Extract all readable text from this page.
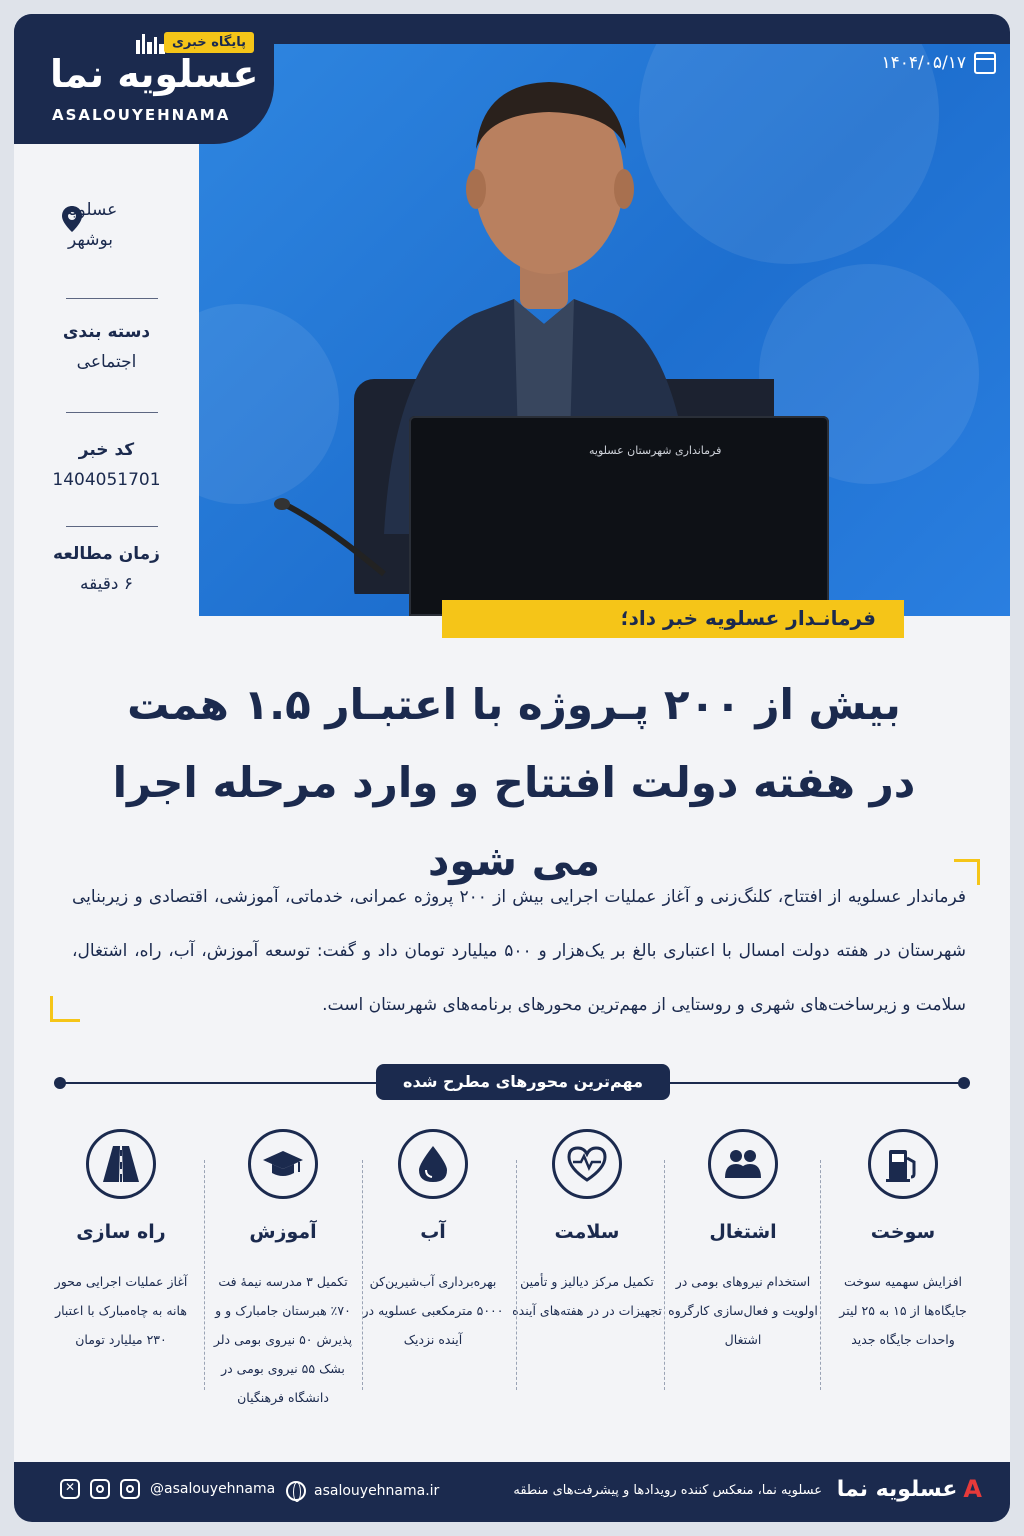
فرمانداری شهرستان عسلویه
پایگاه خبری
عسلویه نما
ASALOUYEHNAMA
۱۴۰۴/۰۵/۱۷
عسلویه
بوشهر
دسته بندی
اجتماعی
کد خبر
1404051701
زمان مطالعه
۶ دقیقه
فرمانـدار عسلویه خبر داد؛
بیش از ۲۰۰ پـروژه با اعتبـار ۱.۵ همت
در هفته دولت افتتاح و وارد مرحله اجرا می شود
فرماندار عسلویه از افتتاح، کلنگ‌زنی و آغاز عملیات اجرایی بیش از ۲۰۰ پروژه عمرانی، خدماتی، آموزشی، اقتصادی و زیربنایی شهرستان در هفته دولت امسال با اعتباری بالغ بر یک‌هزار و ۵۰۰ میلیارد تومان داد و گفت: توسعه آموزش، آب، راه، اشتغال، سلامت و زیرساخت‌های شهری و روستایی از مهم‌ترین محورهای برنامه‌های شهرستان است.
مهم‌ترین محورهای مطرح شده
سوخت
افزایش سهمیه سوخت جایگاه‌ها از ۱۵ به ۲۵ لیتر واحدات جایگاه جدید
اشتغال
استخدام نیروهای بومی در اولویت و فعال‌سازی کارگروه اشتغال
سلامت
تکمیل مرکز دیالیز و تأمین تجهیزات در در هفته‌های آینده
آب
بهره‌برداری آب‌شیرین‌کن ۵۰۰۰ مترمکعبی عسلویه در آینده نزدیک
آموزش
تکمیل ۳ مدرسه نیمۀ فت ۷۰٪ هبرستان جامبارک و و پذیرش ۵۰ نیروی بومی دلر بشک ۵۵ نیروی بومی در دانشگاه فرهنگیان
راه سازی
آغاز عملیات اجرایی محور هانه به چاه‌مبارک با اعتبار ۲۳۰ میلیارد تومان
A
عسلویه نما
عسلویه نما، منعکس کننده رویدادها و پیشرفت‌های منطقه
asalouyehnama.ir
✕
@asalouyehnama
